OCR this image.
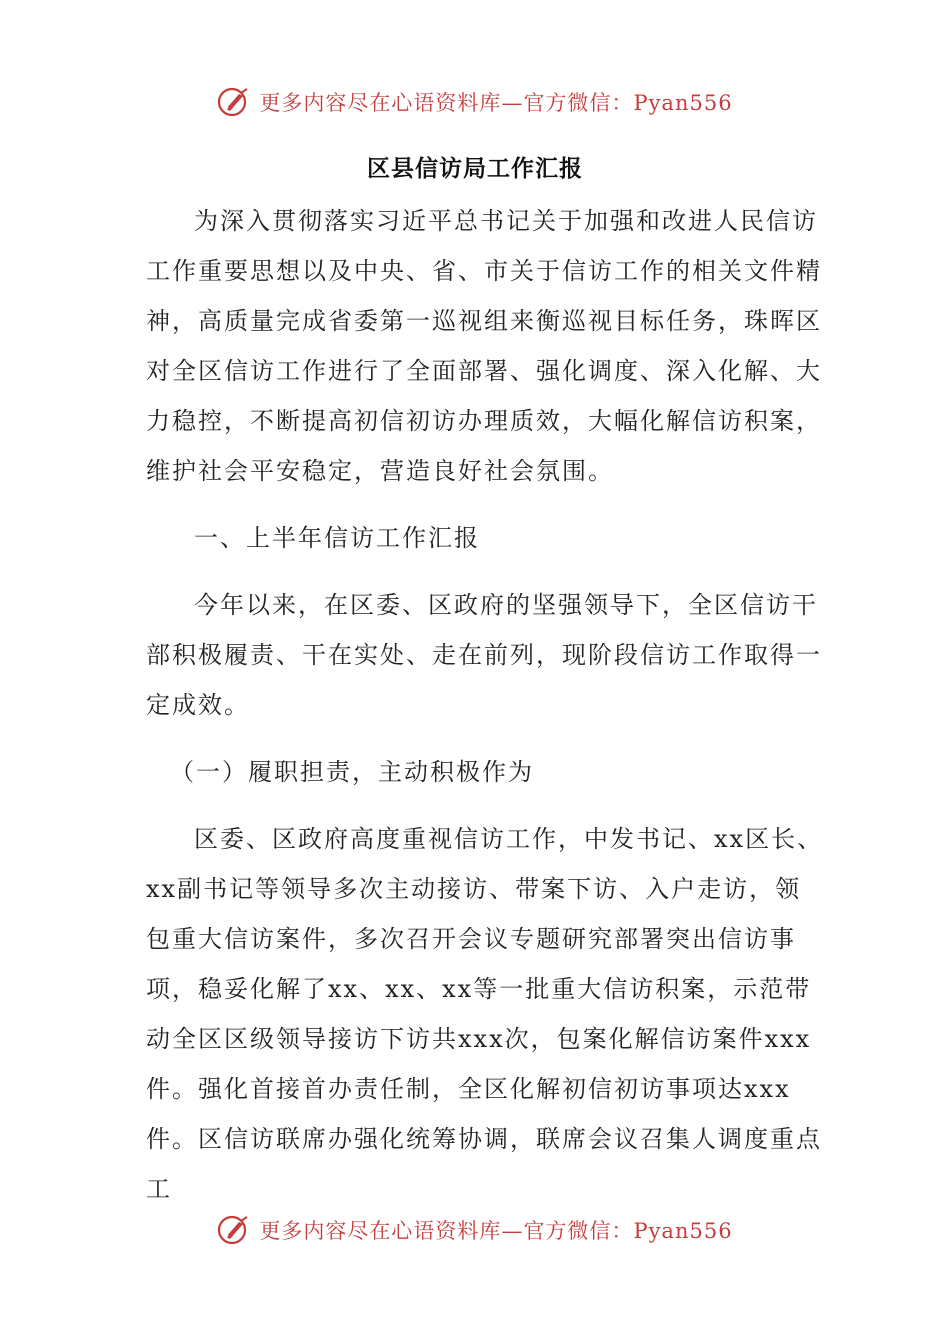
更多内容尽在心语资料库—官方微信：Pyan556
区县信访局工作汇报

为深入贯彻落实习近平总书记关于加强和改进人民信访工作重要思想以及中央、省、市关于信访工作的相关文件精神，高质量完成省委第一巡视组来衡巡视目标任务，珠晖区对全区信访工作进行了全面部署、强化调度、深入化解、大力稳控，不断提高初信初访办理质效，大幅化解信访积案，维护社会平安稳定，营造良好社会氛围。

一、上半年信访工作汇报

今年以来，在区委、区政府的坚强领导下，全区信访干部积极履责、干在实处、走在前列，现阶段信访工作取得一定成效。

（一）履职担责，主动积极作为

区委、区政府高度重视信访工作，中发书记、xx区长、xx副书记等领导多次主动接访、带案下访、入户走访，领包重大信访案件，多次召开会议专题研究部署突出信访事项，稳妥化解了xx、xx、xx等一批重大信访积案，示范带动全区区级领导接访下访共xxx次，包案化解信访案件xxx件。强化首接首办责任制，全区化解初信初访事项达xxx件。区信访联席办强化统筹协调，联席会议召集人调度重点工

更多内容尽在心语资料库—官方微信：Pyan556
